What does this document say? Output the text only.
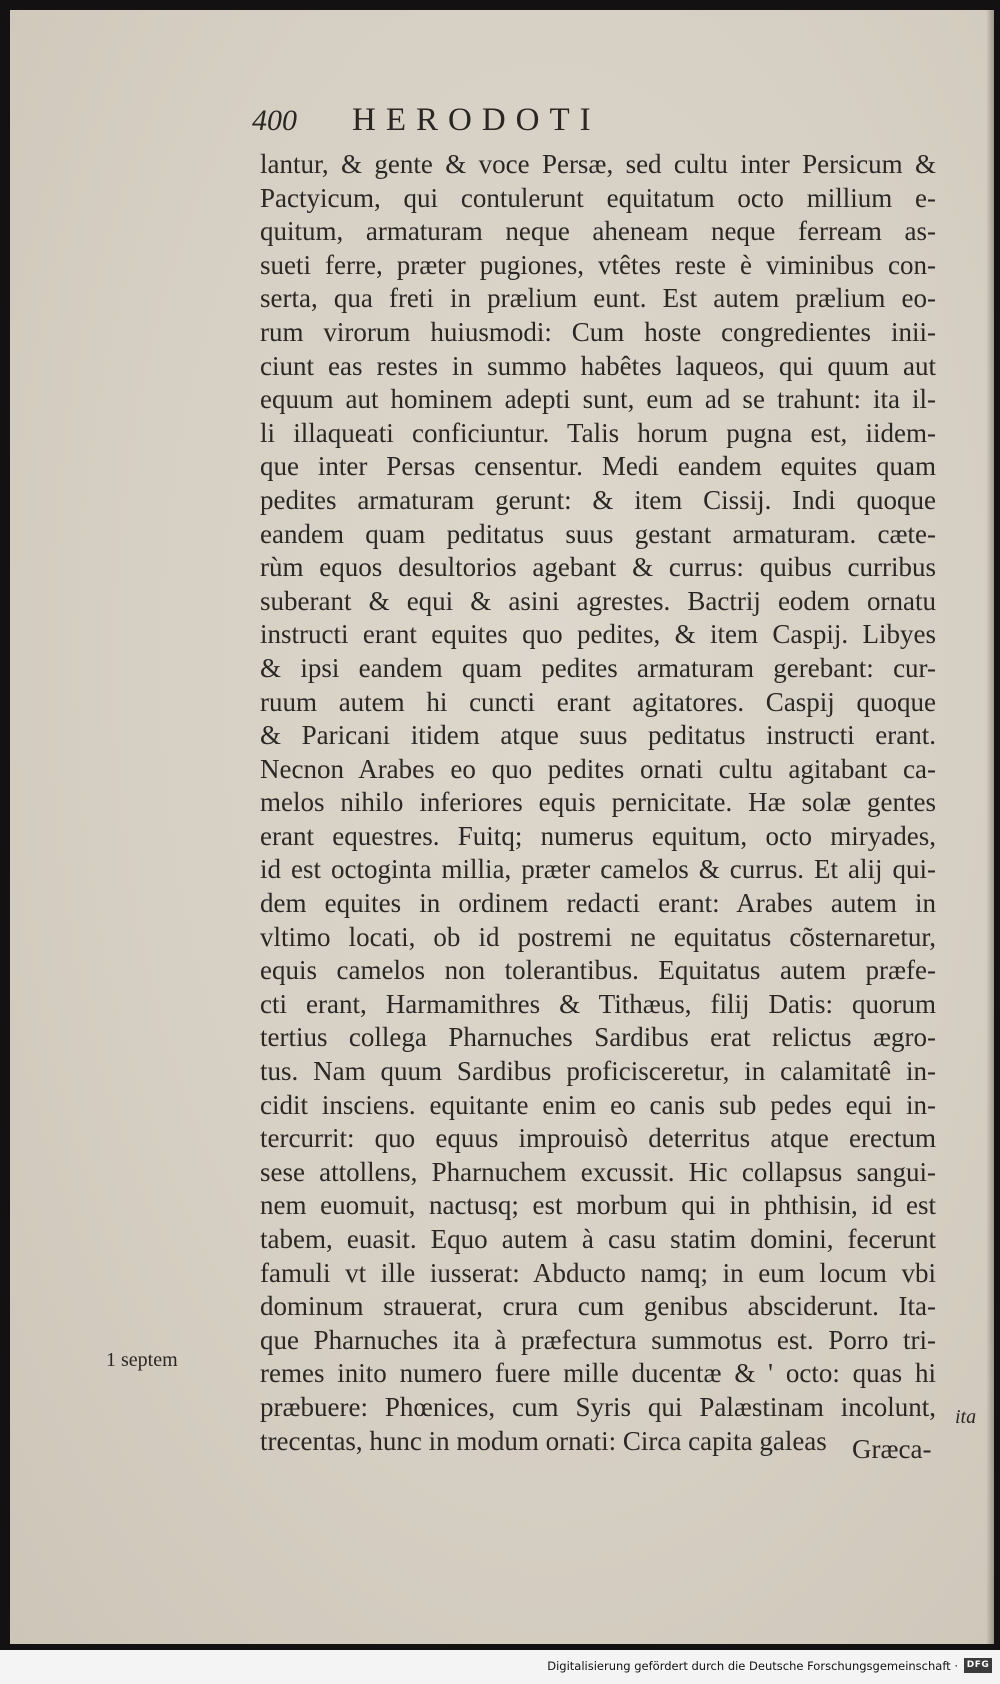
400 HERODOTI
lantur, & gente & voce Persæ, sed cultu inter Persicum &
Pactyicum, qui contulerunt equitatum octo millium e-
quitum, armaturam neque aheneam neque ferream as-
sueti ferre, præter pugiones, vtêtes reste è viminibus con-
serta, qua freti in prælium eunt. Est autem prælium eo-
rum virorum huiusmodi: Cum hoste congredientes inii-
ciunt eas restes in summo habêtes laqueos, qui quum aut
equum aut hominem adepti sunt, eum ad se trahunt: ita il-
li illaqueati conficiuntur. Talis horum pugna est, iidem-
que inter Persas censentur. Medi eandem equites quam
pedites armaturam gerunt: & item Cissij. Indi quoque
eandem quam peditatus suus gestant armaturam. cæte-
rùm equos desultorios agebant & currus: quibus curribus
suberant & equi & asini agrestes. Bactrij eodem ornatu
instructi erant equites quo pedites, & item Caspij. Libyes
& ipsi eandem quam pedites armaturam gerebant: cur-
ruum autem hi cuncti erant agitatores. Caspij quoque
& Paricani itidem atque suus peditatus instructi erant.
Necnon Arabes eo quo pedites ornati cultu agitabant ca-
melos nihilo inferiores equis pernicitate. Hæ solæ gentes
erant equestres. Fuitq; numerus equitum, octo miryades,
id est octoginta millia, præter camelos & currus. Et alij qui-
dem equites in ordinem redacti erant: Arabes autem in
vltimo locati, ob id postremi ne equitatus cõsternaretur,
equis camelos non tolerantibus. Equitatus autem præfe-
cti erant, Harmamithres & Tithæus, filij Datis: quorum
tertius collega Pharnuches Sardibus erat relictus ægro-
tus. Nam quum Sardibus proficisceretur, in calamitatê in-
cidit insciens. equitante enim eo canis sub pedes equi in-
tercurrit: quo equus improuisò deterritus atque erectum
sese attollens, Pharnuchem excussit. Hic collapsus sangui-
nem euomuit, nactusq; est morbum qui in phthisin, id est
tabem, euasit. Equo autem à casu statim domini, fecerunt
famuli vt ille iusserat: Abducto namq; in eum locum vbi
dominum strauerat, crura cum genibus absciderunt. Ita-
que Pharnuches ita à præfectura summotus est. Porro tri-
remes inito numero fuere mille ducentæ & ' octo: quas hi
præbuere: Phœnices, cum Syris qui Palæstinam incolunt,
trecentas, hunc in modum ornati: Circa capita galeas
1 septem
Græca-
ita
Digitalisierung gefördert durch die Deutsche Forschungsgemeinschaft · DFG
